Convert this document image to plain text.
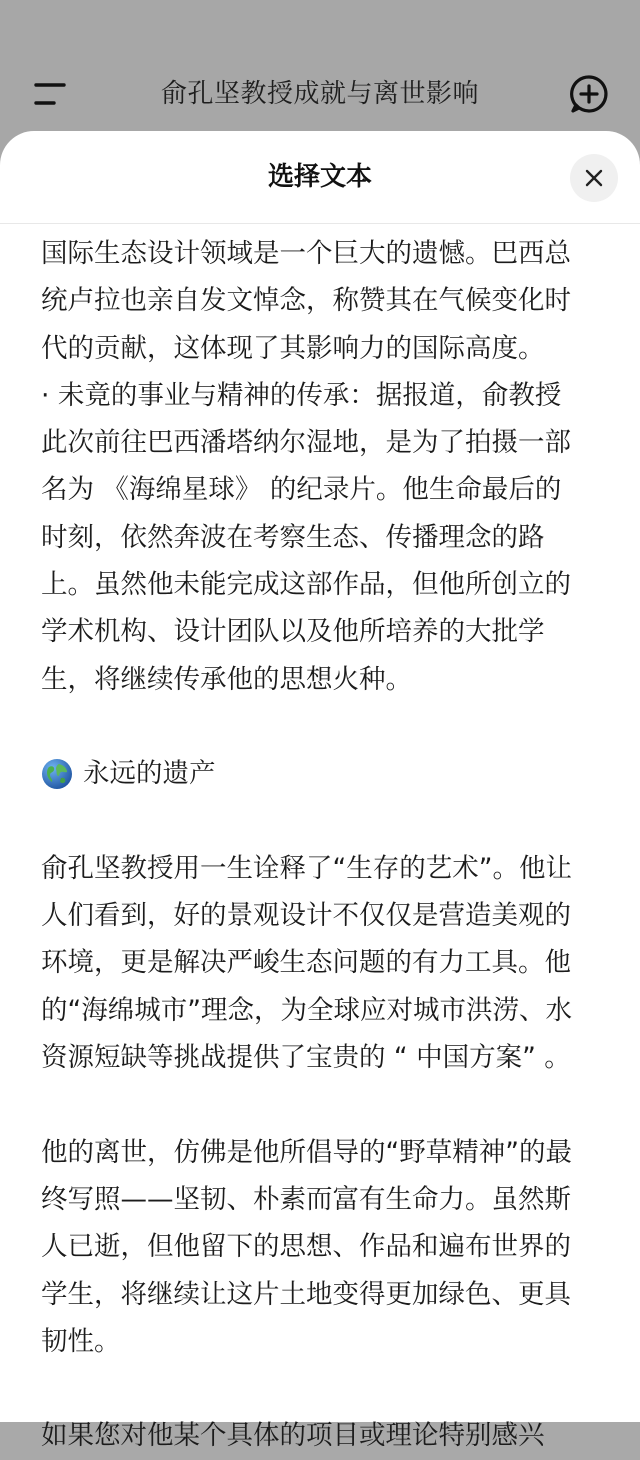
俞孔坚教授成就与离世影响
选择文本

国际生态设计领域是一个巨大的遗憾。巴西总
统卢拉也亲自发文悼念，称赞其在气候变化时
代的贡献，这体现了其影响力的国际高度。

· 未竟的事业与精神的传承：据报道，俞教授
此次前往巴西潘塔纳尔湿地，是为了拍摄一部
名为 《海绵星球》 的纪录片。他生命最后的
时刻，依然奔波在考察生态、传播理念的路
上。虽然他未能完成这部作品，但他所创立的
学术机构、设计团队以及他所培养的大批学
生，将继续传承他的思想火种。

永远的遗产

俞孔坚教授用一生诠释了“生存的艺术”。他让
人们看到，好的景观设计不仅仅是营造美观的
环境，更是解决严峻生态问题的有力工具。他
的“海绵城市”理念，为全球应对城市洪涝、水
资源短缺等挑战提供了宝贵的 “ 中国方案” 。

他的离世，仿佛是他所倡导的“野草精神”的最
终写照——坚韧、朴素而富有生命力。虽然斯
人已逝，但他留下的思想、作品和遍布世界的
学生，将继续让这片土地变得更加绿色、更具
韧性。

如果您对他某个具体的项目或理论特别感兴
